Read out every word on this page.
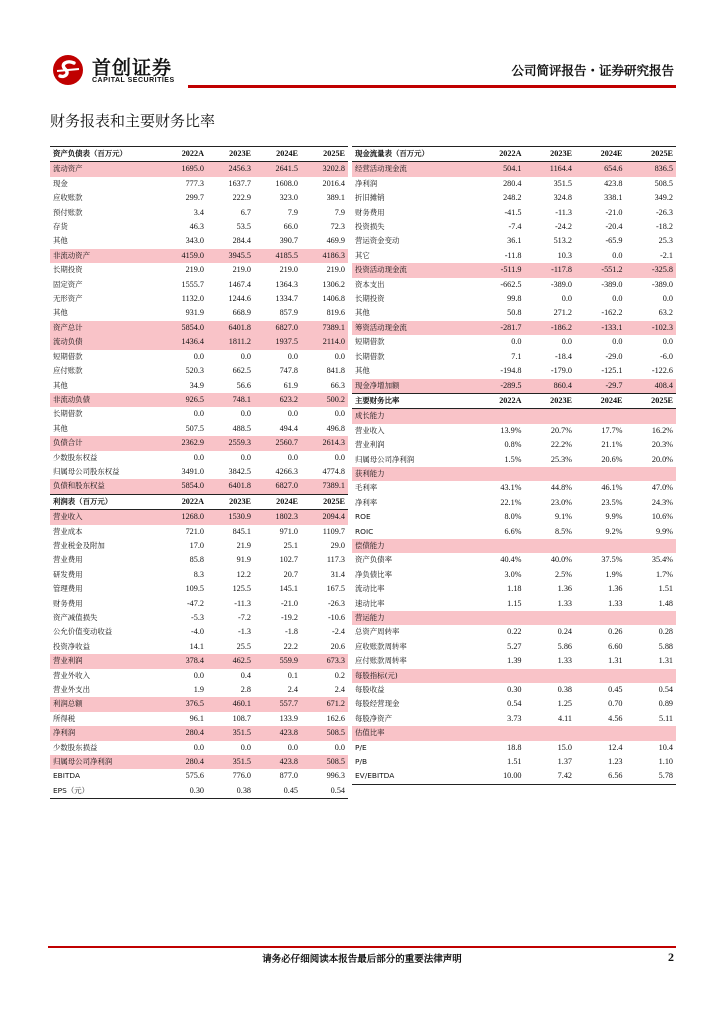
首创证券
CAPITAL SECURITIES
公司简评报告・证券研究报告
财务报表和主要财务比率
资产负债表（百万元）	2022A	2023E	2024E	2025E
流动资产	1695.0	2456.3	2641.5	3202.8
现金	777.3	1637.7	1608.0	2016.4
应收账款	299.7	222.9	323.0	389.1
预付账款	3.4	6.7	7.9	7.9
存货	46.3	53.5	66.0	72.3
其他	343.0	284.4	390.7	469.9
非流动资产	4159.0	3945.5	4185.5	4186.3
长期投资	219.0	219.0	219.0	219.0
固定资产	1555.7	1467.4	1364.3	1306.2
无形资产	1132.0	1244.6	1334.7	1406.8
其他	931.9	668.9	857.9	819.6
资产总计	5854.0	6401.8	6827.0	7389.1
流动负债	1436.4	1811.2	1937.5	2114.0
短期借款	0.0	0.0	0.0	0.0
应付账款	520.3	662.5	747.8	841.8
其他	34.9	56.6	61.9	66.3
非流动负债	926.5	748.1	623.2	500.2
长期借款	0.0	0.0	0.0	0.0
其他	507.5	488.5	494.4	496.8
负债合计	2362.9	2559.3	2560.7	2614.3
少数股东权益	0.0	0.0	0.0	0.0
归属母公司股东权益	3491.0	3842.5	4266.3	4774.8
负债和股东权益	5854.0	6401.8	6827.0	7389.1
利润表（百万元）	2022A	2023E	2024E	2025E
营业收入	1268.0	1530.9	1802.3	2094.4
营业成本	721.0	845.1	971.0	1109.7
营业税金及附加	17.0	21.9	25.1	29.0
营业费用	85.8	91.9	102.7	117.3
研发费用	8.3	12.2	20.7	31.4
管理费用	109.5	125.5	145.1	167.5
财务费用	-47.2	-11.3	-21.0	-26.3
资产减值损失	-5.3	-7.2	-19.2	-10.6
公允价值变动收益	-4.0	-1.3	-1.8	-2.4
投资净收益	14.1	25.5	22.2	20.6
营业利润	378.4	462.5	559.9	673.3
营业外收入	0.0	0.4	0.1	0.2
营业外支出	1.9	2.8	2.4	2.4
利润总额	376.5	460.1	557.7	671.2
所得税	96.1	108.7	133.9	162.6
净利润	280.4	351.5	423.8	508.5
少数股东损益	0.0	0.0	0.0	0.0
归属母公司净利润	280.4	351.5	423.8	508.5
EBITDA	575.6	776.0	877.0	996.3
EPS（元）	0.30	0.38	0.45	0.54
现金流量表（百万元）	2022A	2023E	2024E	2025E
经营活动现金流	504.1	1164.4	654.6	836.5
净利润	280.4	351.5	423.8	508.5
折旧摊销	248.2	324.8	338.1	349.2
财务费用	-41.5	-11.3	-21.0	-26.3
投资损失	-7.4	-24.2	-20.4	-18.2
营运资金变动	36.1	513.2	-65.9	25.3
其它	-11.8	10.3	0.0	-2.1
投资活动现金流	-511.9	-117.8	-551.2	-325.8
资本支出	-662.5	-389.0	-389.0	-389.0
长期投资	99.8	0.0	0.0	0.0
其他	50.8	271.2	-162.2	63.2
筹资活动现金流	-281.7	-186.2	-133.1	-102.3
短期借款	0.0	0.0	0.0	0.0
长期借款	7.1	-18.4	-29.0	-6.0
其他	-194.8	-179.0	-125.1	-122.6
现金净增加额	-289.5	860.4	-29.7	408.4
主要财务比率	2022A	2023E	2024E	2025E
成长能力				
营业收入	13.9%	20.7%	17.7%	16.2%
营业利润	0.8%	22.2%	21.1%	20.3%
归属母公司净利润	1.5%	25.3%	20.6%	20.0%
获利能力				
毛利率	43.1%	44.8%	46.1%	47.0%
净利率	22.1%	23.0%	23.5%	24.3%
ROE	8.0%	9.1%	9.9%	10.6%
ROIC	6.6%	8.5%	9.2%	9.9%
偿债能力				
资产负债率	40.4%	40.0%	37.5%	35.4%
净负债比率	3.0%	2.5%	1.9%	1.7%
流动比率	1.18	1.36	1.36	1.51
速动比率	1.15	1.33	1.33	1.48
营运能力				
总资产周转率	0.22	0.24	0.26	0.28
应收账款周转率	5.27	5.86	6.60	5.88
应付账款周转率	1.39	1.33	1.31	1.31
每股指标(元)				
每股收益	0.30	0.38	0.45	0.54
每股经营现金	0.54	1.25	0.70	0.89
每股净资产	3.73	4.11	4.56	5.11
估值比率				
P/E	18.8	15.0	12.4	10.4
P/B	1.51	1.37	1.23	1.10
EV/EBITDA	10.00	7.42	6.56	5.78
请务必仔细阅读本报告最后部分的重要法律声明	2
